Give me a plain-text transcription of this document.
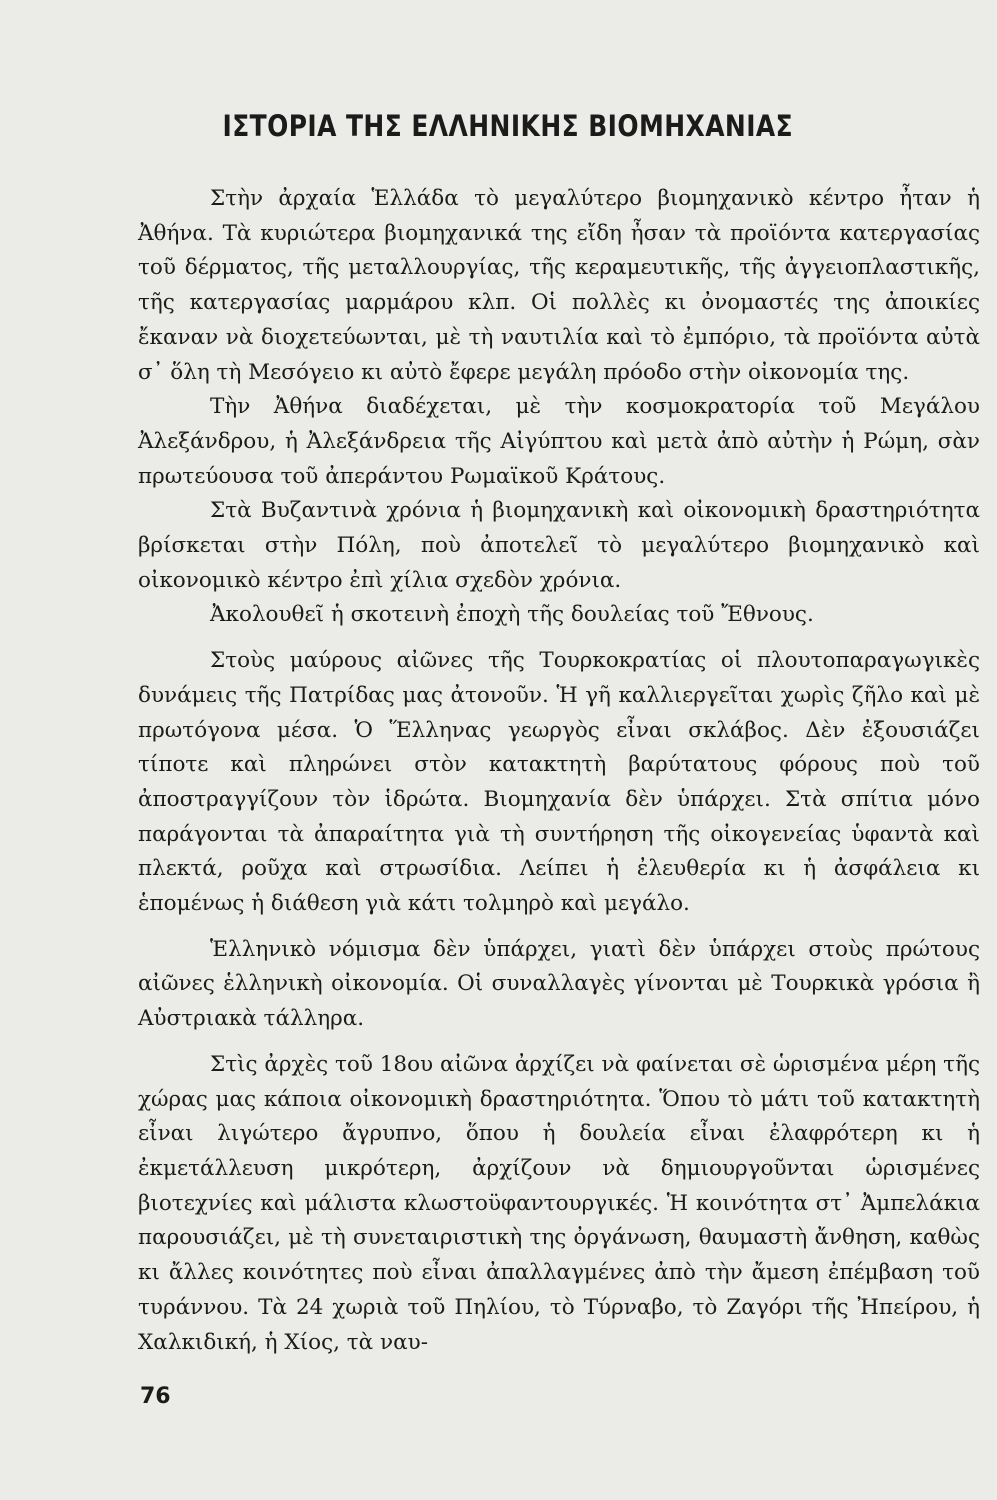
ΙΣΤΟΡΙΑ ΤΗΣ ΕΛΛΗΝΙΚΗΣ ΒΙΟΜΗΧΑΝΙΑΣ

Στὴν ἀρχαία Ἑλλάδα τὸ μεγαλύτερο βιομηχανικὸ κέντρο ἦταν ἡ Ἀθήνα. Τὰ κυριώτερα βιομηχανικά της εἴδη ἦσαν τὰ προϊόντα κατεργασίας τοῦ δέρματος, τῆς μεταλλουργίας, τῆς κεραμευτικῆς, τῆς ἀγγειοπλαστικῆς, τῆς κατεργασίας μαρμάρου κλπ. Οἱ πολλὲς κι ὀνομαστές της ἀποικίες ἔκαναν νὰ διοχετεύωνται, μὲ τὴ ναυτιλία καὶ τὸ ἐμπόριο, τὰ προϊόντα αὐτὰ σ᾿ ὅλη τὴ Μεσόγειο κι αὐτὸ ἔφερε μεγάλη πρόοδο στὴν οἰκονομία της.

Τὴν Ἀθήνα διαδέχεται, μὲ τὴν κοσμοκρατορία τοῦ Μεγάλου Ἀλεξάνδρου, ἡ Ἀλεξάνδρεια τῆς Αἰγύπτου καὶ μετὰ ἀπὸ αὐτὴν ἡ Ρώμη, σὰν πρωτεύουσα τοῦ ἀπεράντου Ρωμαϊκοῦ Κράτους.

Στὰ Βυζαντινὰ χρόνια ἡ βιομηχανικὴ καὶ οἰκονομικὴ δραστηριότητα βρίσκεται στὴν Πόλη, ποὺ ἀποτελεῖ τὸ μεγαλύτερο βιομηχανικὸ καὶ οἰκονομικὸ κέντρο ἐπὶ χίλια σχεδὸν χρόνια.

Ἀκολουθεῖ ἡ σκοτεινὴ ἐποχὴ τῆς δουλείας τοῦ Ἔθνους.

Στοὺς μαύρους αἰῶνες τῆς Τουρκοκρατίας οἱ πλουτοπαραγωγικὲς δυνάμεις τῆς Πατρίδας μας ἀτονοῦν. Ἡ γῆ καλλιεργεῖται χωρὶς ζῆλο καὶ μὲ πρωτόγονα μέσα. Ὁ Ἕλληνας γεωργὸς εἶναι σκλάβος. Δὲν ἐξουσιάζει τίποτε καὶ πληρώνει στὸν κατακτητὴ βαρύτατους φόρους ποὺ τοῦ ἀποστραγγίζουν τὸν ἱδρώτα. Βιομηχανία δὲν ὑπάρχει. Στὰ σπίτια μόνο παράγονται τὰ ἀπαραίτητα γιὰ τὴ συντήρηση τῆς οἰκογενείας ὑφαντὰ καὶ πλεκτά, ροῦχα καὶ στρωσίδια. Λείπει ἡ ἐλευθερία κι ἡ ἀσφάλεια κι ἑπομένως ἡ διάθεση γιὰ κάτι τολμηρὸ καὶ μεγάλο.

Ἑλληνικὸ νόμισμα δὲν ὑπάρχει, γιατὶ δὲν ὑπάρχει στοὺς πρώτους αἰῶνες ἑλληνικὴ οἰκονομία. Οἱ συναλλαγὲς γίνονται μὲ Τουρκικὰ γρόσια ἢ Αὐστριακὰ τάλληρα.

Στὶς ἀρχὲς τοῦ 18ου αἰῶνα ἀρχίζει νὰ φαίνεται σὲ ὡρισμένα μέρη τῆς χώρας μας κάποια οἰκονομικὴ δραστηριότητα. Ὅπου τὸ μάτι τοῦ κατακτητὴ εἶναι λιγώτερο ἄγρυπνο, ὅπου ἡ δουλεία εἶναι ἐλαφρότερη κι ἡ ἐκμετάλλευση μικρότερη, ἀρχίζουν νὰ δημιουργοῦνται ὡρισμένες βιοτεχνίες καὶ μάλιστα κλωστοϋφαντουργικές. Ἡ κοινότητα στ᾿ Ἀμπελάκια παρουσιάζει, μὲ τὴ συνεταιριστικὴ της ὀργάνωση, θαυμαστὴ ἄνθηση, καθὼς κι ἄλλες κοινότητες ποὺ εἶναι ἀπαλλαγμένες ἀπὸ τὴν ἄμεση ἐπέμβαση τοῦ τυράννου. Τὰ 24 χωριὰ τοῦ Πηλίου, τὸ Τύρναβο, τὸ Ζαγόρι τῆς Ἠπείρου, ἡ Χαλκιδική, ἡ Χίος, τὰ ναυ-

76
